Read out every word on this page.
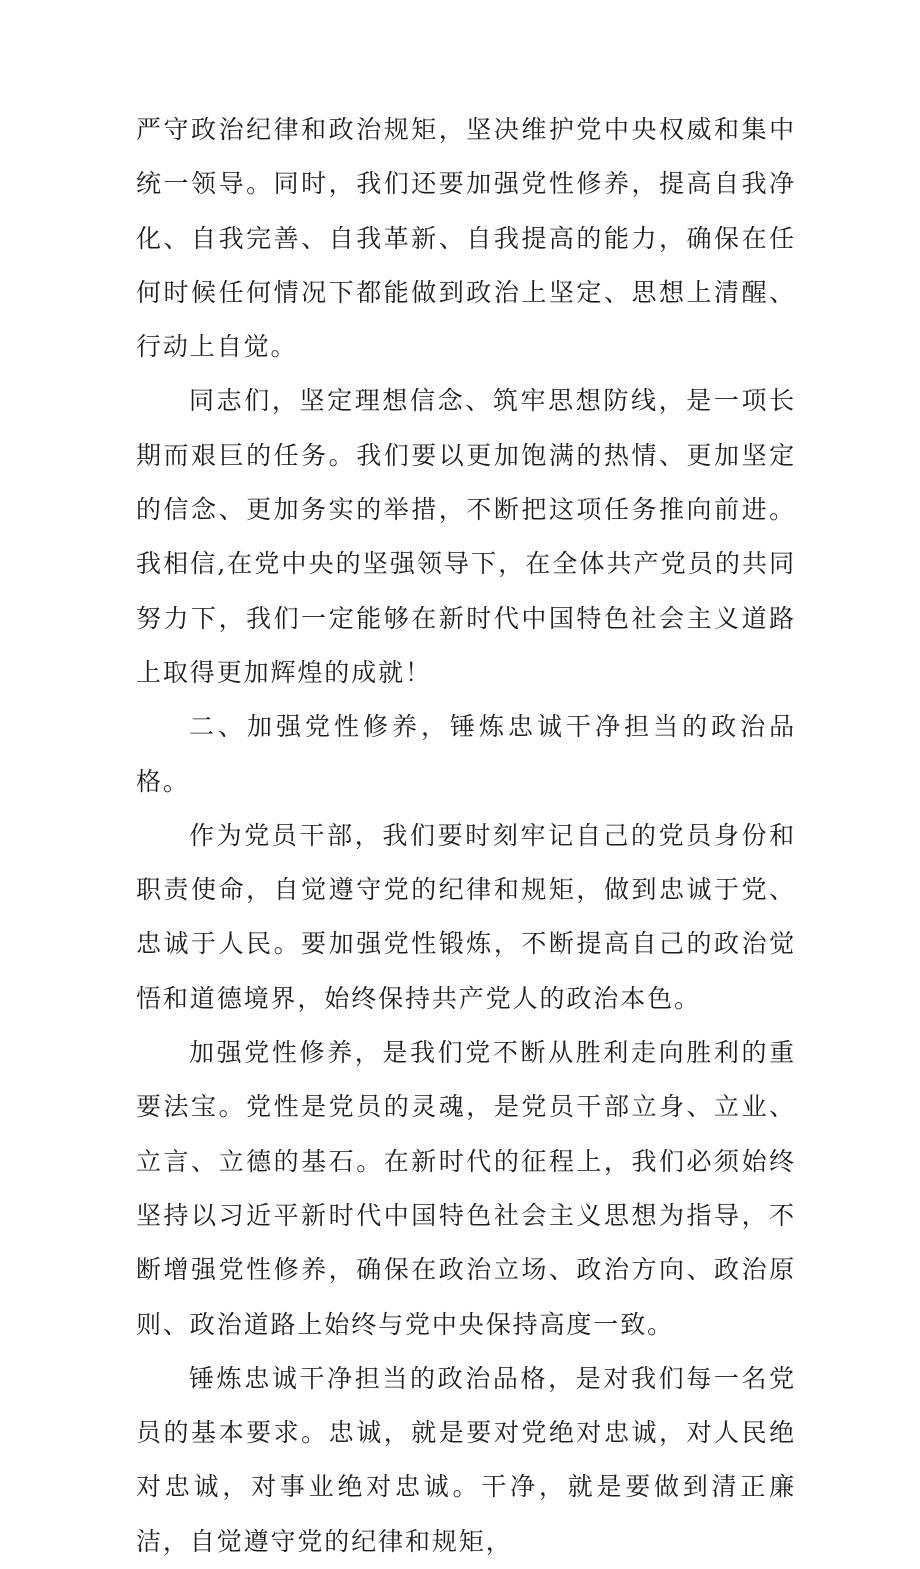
严守政治纪律和政治规矩，坚决维护党中央权威和集中统一领导。同时，我们还要加强党性修养，提高自我净化、自我完善、自我革新、自我提高的能力，确保在任何时候任何情况下都能做到政治上坚定、思想上清醒、行动上自觉。

同志们，坚定理想信念、筑牢思想防线，是一项长期而艰巨的任务。我们要以更加饱满的热情、更加坚定的信念、更加务实的举措，不断把这项任务推向前进。我相信,在党中央的坚强领导下，在全体共产党员的共同努力下，我们一定能够在新时代中国特色社会主义道路上取得更加辉煌的成就！

二、加强党性修养，锤炼忠诚干净担当的政治品格。

作为党员干部，我们要时刻牢记自己的党员身份和职责使命，自觉遵守党的纪律和规矩，做到忠诚于党、忠诚于人民。要加强党性锻炼，不断提高自己的政治觉悟和道德境界，始终保持共产党人的政治本色。

加强党性修养，是我们党不断从胜利走向胜利的重要法宝。党性是党员的灵魂，是党员干部立身、立业、立言、立德的基石。在新时代的征程上，我们必须始终坚持以习近平新时代中国特色社会主义思想为指导，不断增强党性修养，确保在政治立场、政治方向、政治原则、政治道路上始终与党中央保持高度一致。

锤炼忠诚干净担当的政治品格，是对我们每一名党员的基本要求。忠诚，就是要对党绝对忠诚，对人民绝对忠诚，对事业绝对忠诚。干净，就是要做到清正廉洁，自觉遵守党的纪律和规矩，
